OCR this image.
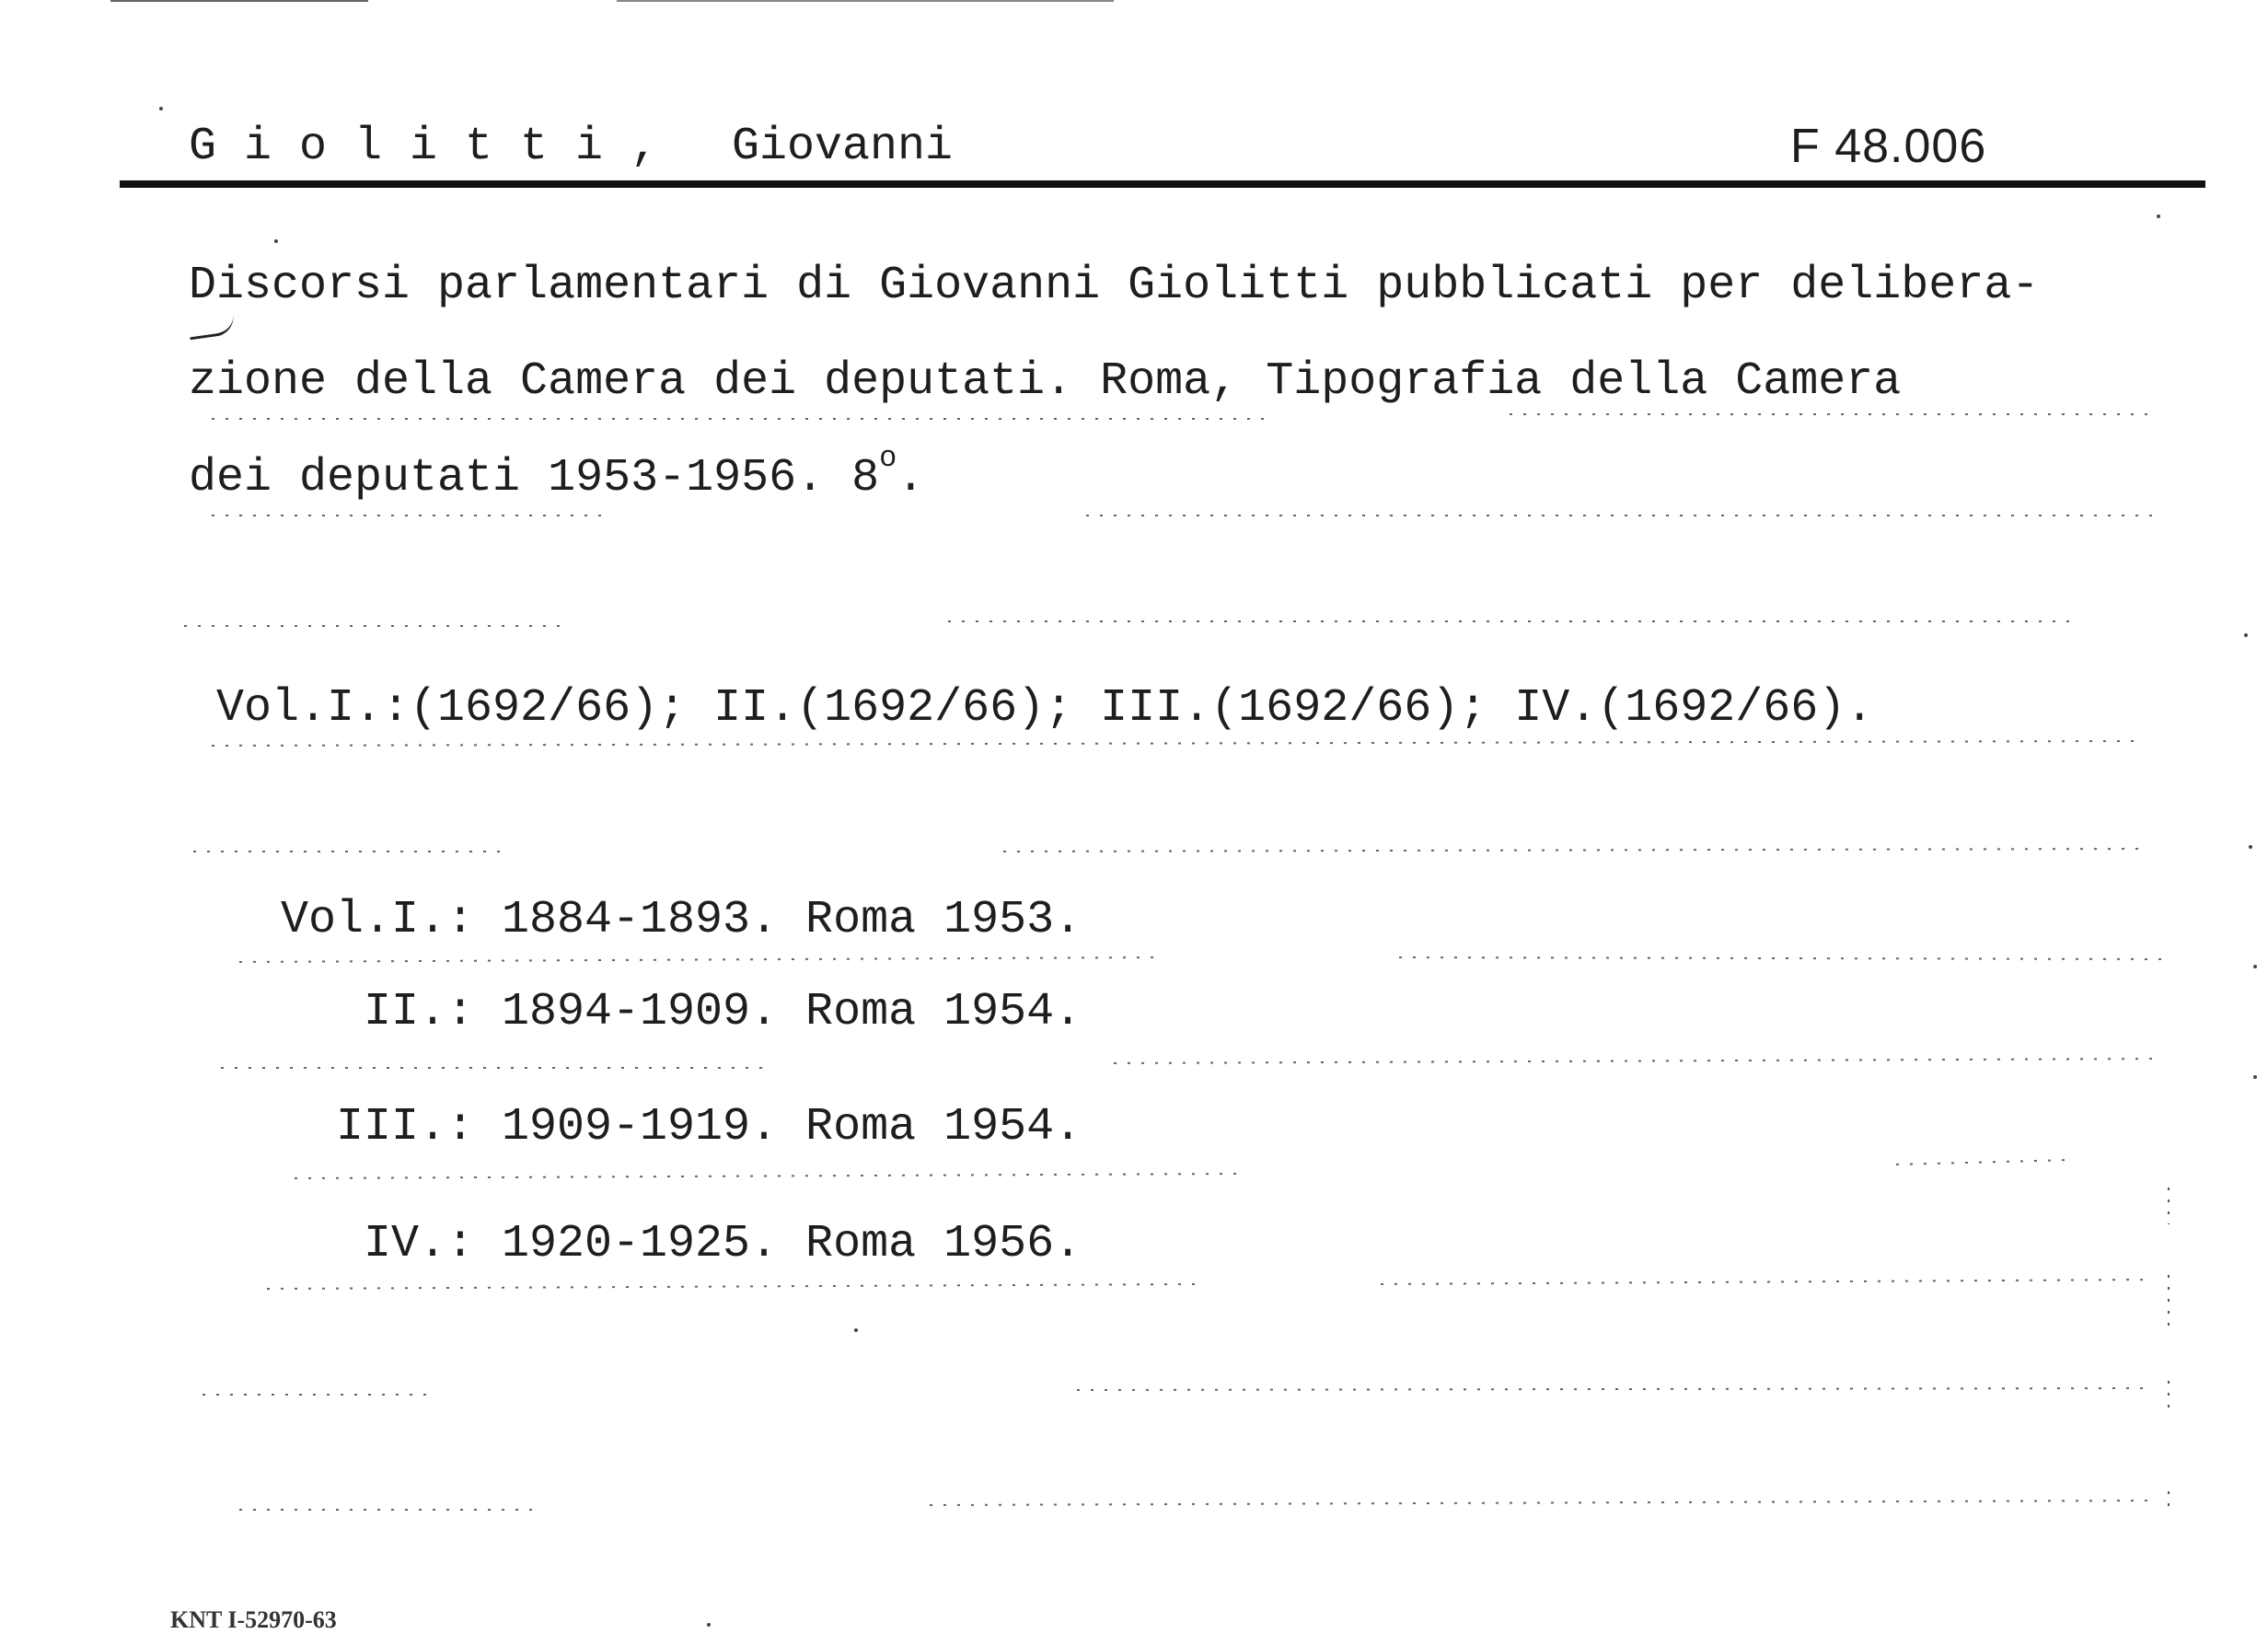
Giolitti, Giovanni	F 48.006
Discorsi parlamentari di Giovanni Giolitti pubblicati per delibera-
zione della Camera dei deputati. Roma, Tipografia della Camera
dei deputati 1953-1956. 8$^o$.
Vol.I.:(1692/66); II.(1692/66); III.(1692/66); IV.(1692/66).
Vol.I.: 1884-1893. Roma 1953.
II.: 1894-1909. Roma 1954.
III.: 1909-1919. Roma 1954.
IV.: 1920-1925. Roma 1956.
KNT I-52970-63
